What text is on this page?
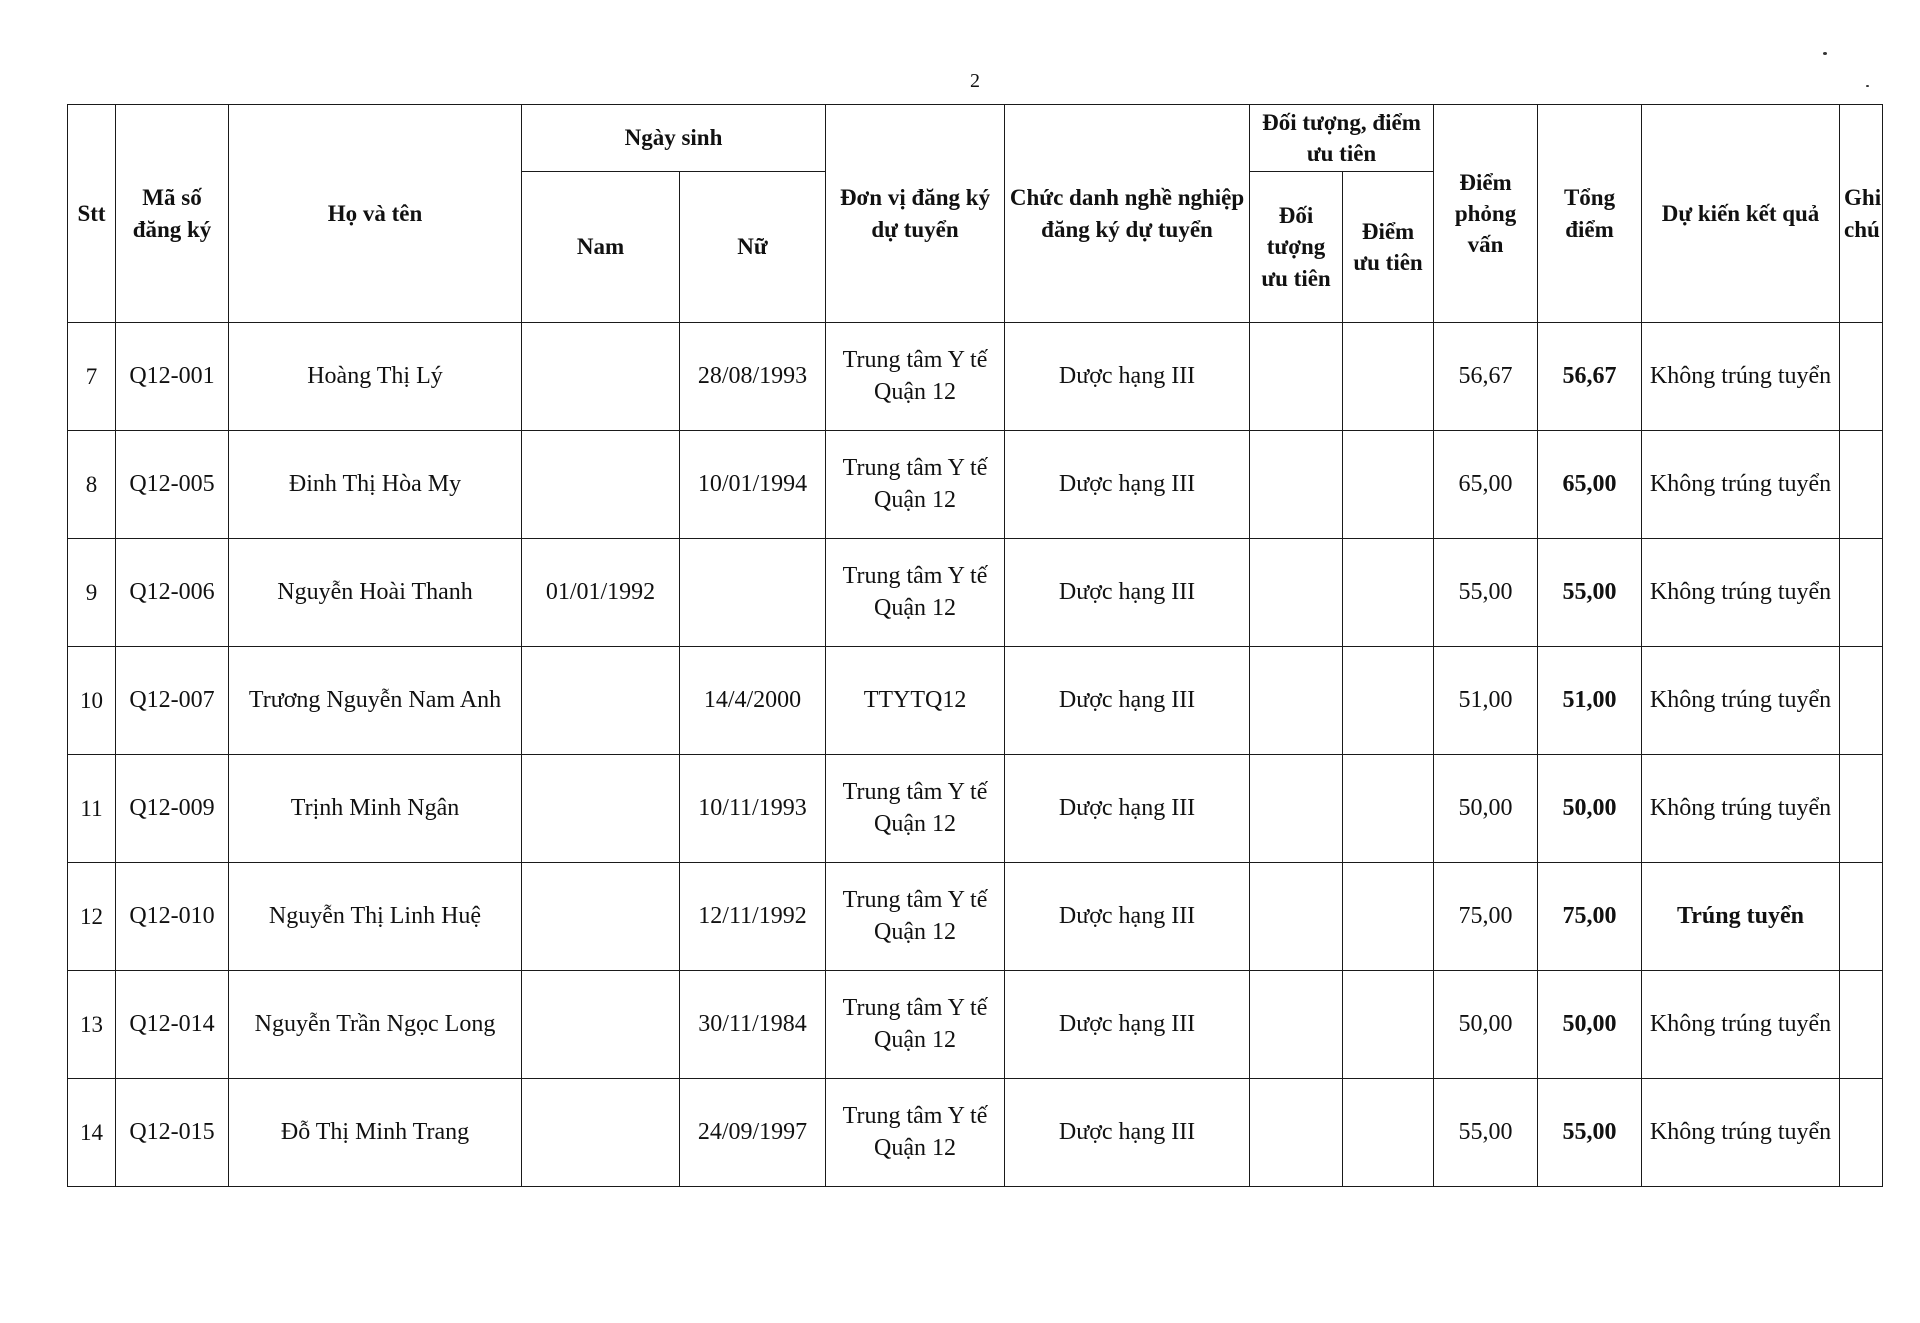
2
Stt	Mã số đăng ký	Họ và tên	Ngày sinh		Đơn vị đăng ký dự tuyển	Chức danh nghề nghiệp đăng ký dự tuyển	Đối tượng, điểm ưu tiên		Điểm phỏng vấn	Tổng điểm	Dự kiến kết quả	Ghi chú
			Nam	Nữ			Đối tượng ưu tiên	Điểm ưu tiên				
7	Q12-001	Hoàng Thị Lý		28/08/1993	Trung tâm Y tế Quận 12	Dược hạng III			56,67	56,67	Không trúng tuyển	
8	Q12-005	Đinh Thị Hòa My		10/01/1994	Trung tâm Y tế Quận 12	Dược hạng III			65,00	65,00	Không trúng tuyển	
9	Q12-006	Nguyễn Hoài Thanh	01/01/1992		Trung tâm Y tế Quận 12	Dược hạng III			55,00	55,00	Không trúng tuyển	
10	Q12-007	Trương Nguyễn Nam Anh		14/4/2000	TTYTQ12	Dược hạng III			51,00	51,00	Không trúng tuyển	
11	Q12-009	Trịnh Minh Ngân		10/11/1993	Trung tâm Y tế Quận 12	Dược hạng III			50,00	50,00	Không trúng tuyển	
12	Q12-010	Nguyễn Thị Linh Huệ		12/11/1992	Trung tâm Y tế Quận 12	Dược hạng III			75,00	75,00	Trúng tuyển	
13	Q12-014	Nguyễn Trần Ngọc Long		30/11/1984	Trung tâm Y tế Quận 12	Dược hạng III			50,00	50,00	Không trúng tuyển	
14	Q12-015	Đỗ Thị Minh Trang		24/09/1997	Trung tâm Y tế Quận 12	Dược hạng III			55,00	55,00	Không trúng tuyển	
